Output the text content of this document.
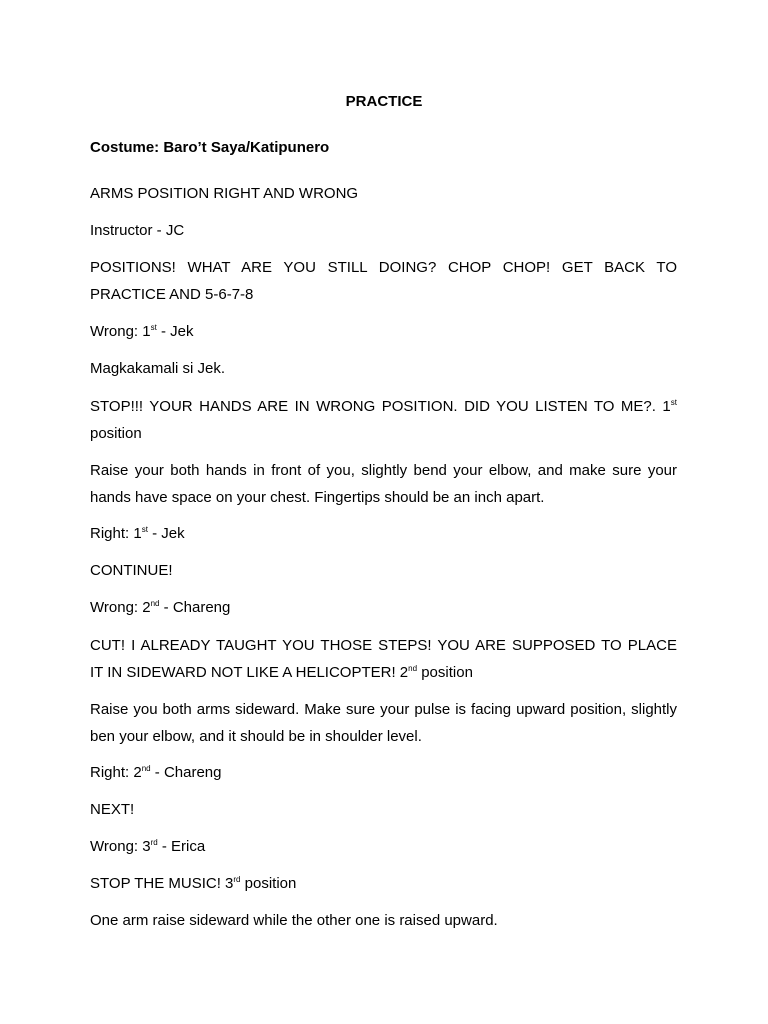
PRACTICE

Costume: Baro’t Saya/Katipunero

ARMS POSITION RIGHT AND WRONG

Instructor - JC

POSITIONS! WHAT ARE YOU STILL DOING? CHOP CHOP! GET BACK TO
PRACTICE AND 5-6-7-8

Wrong: 1st - Jek

Magkakamali si Jek.

STOP!!! YOUR HANDS ARE IN WRONG POSITION. DID YOU LISTEN TO ME?. 1st
position
Raise your both hands in front of you, slightly bend your elbow, and make sure your
hands have space on your chest. Fingertips should be an inch apart.

Right: 1st - Jek

CONTINUE!

Wrong: 2nd - Chareng

CUT! I ALREADY TAUGHT YOU THOSE STEPS! YOU ARE SUPPOSED TO PLACE
IT IN SIDEWARD NOT LIKE A HELICOPTER! 2nd position
Raise you both arms sideward. Make sure your pulse is facing upward position, slightly
ben your elbow, and it should be in shoulder level.

Right: 2nd - Chareng

NEXT!

Wrong: 3rd - Erica

STOP THE MUSIC! 3rd position

One arm raise sideward while the other one is raised upward.
